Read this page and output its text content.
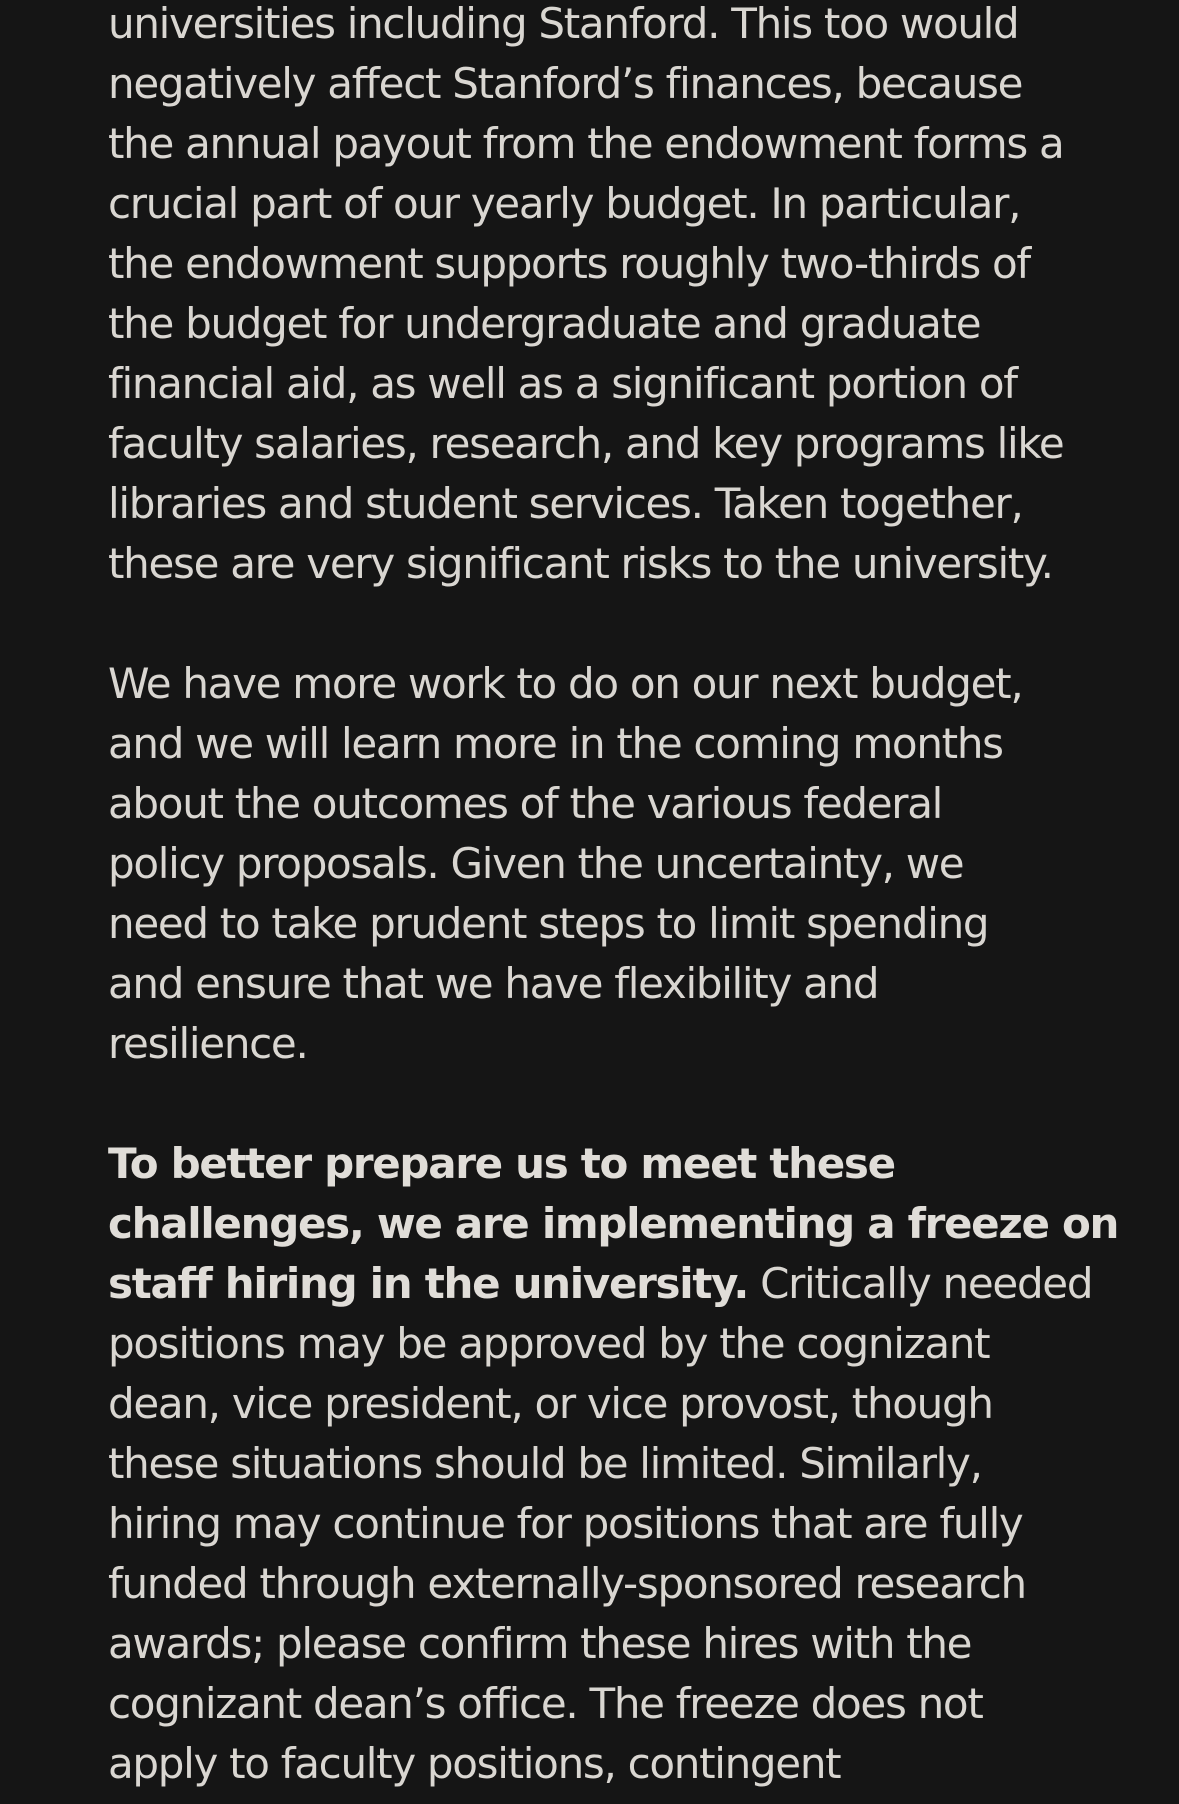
universities including Stanford. This too would
negatively affect Stanford’s finances, because
the annual payout from the endowment forms a
crucial part of our yearly budget. In particular,
the endowment supports roughly two-thirds of
the budget for undergraduate and graduate
financial aid, as well as a significant portion of
faculty salaries, research, and key programs like
libraries and student services. Taken together,
these are very significant risks to the university.
We have more work to do on our next budget,
and we will learn more in the coming months
about the outcomes of the various federal
policy proposals. Given the uncertainty, we
need to take prudent steps to limit spending
and ensure that we have flexibility and
resilience.
To better prepare us to meet these
challenges, we are implementing a freeze on
staff hiring in the university. Critically needed
positions may be approved by the cognizant
dean, vice president, or vice provost, though
these situations should be limited. Similarly,
hiring may continue for positions that are fully
funded through externally-sponsored research
awards; please confirm these hires with the
cognizant dean’s office. The freeze does not
apply to faculty positions, contingent
